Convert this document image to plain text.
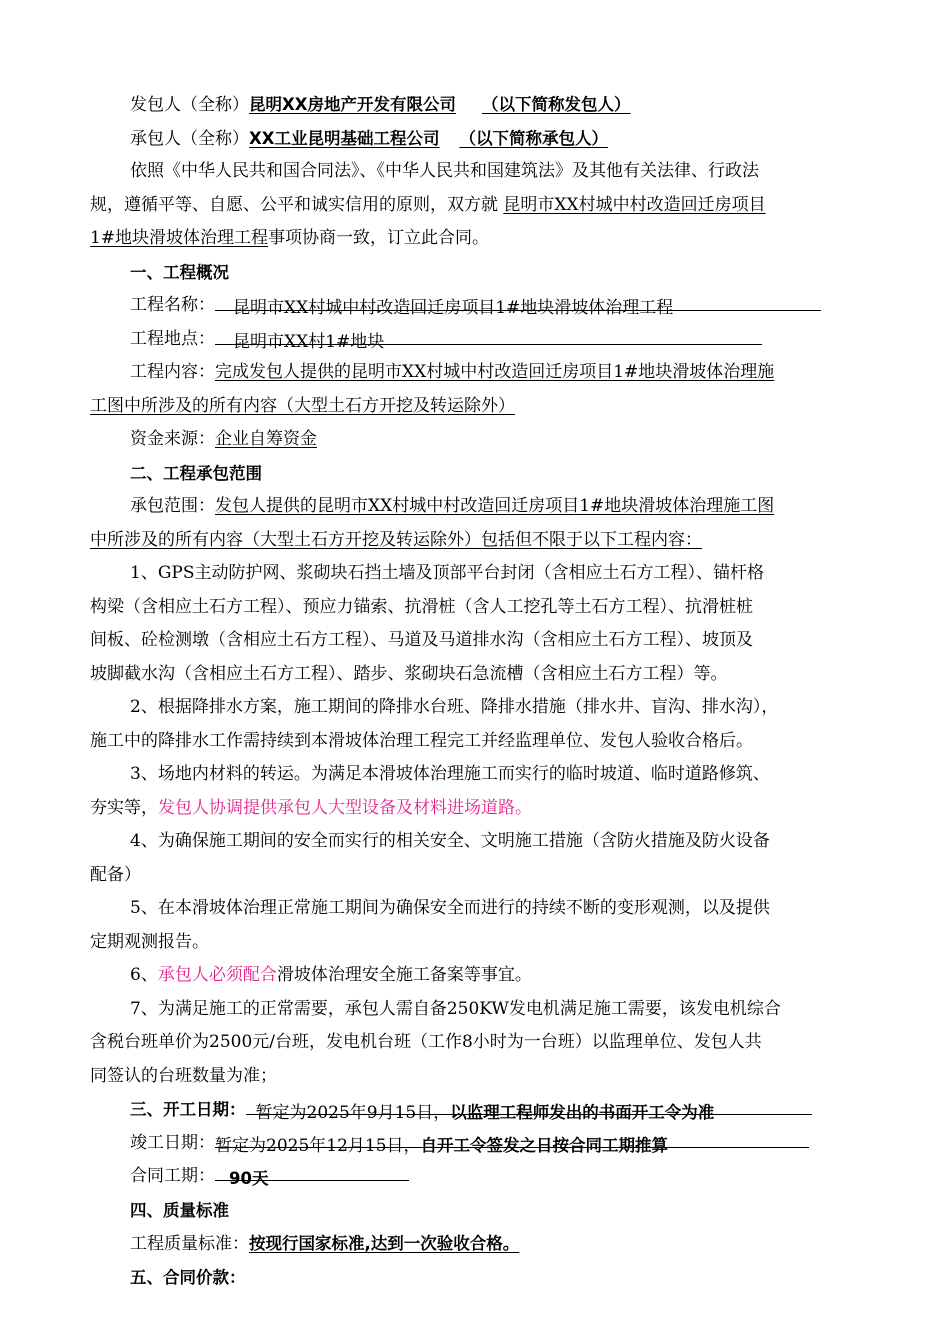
发包人（全称）昆明XX房地产开发有限公司 （以下简称发包人）
承包人（全称）XX工业昆明基础工程公司 （以下简称承包人）
依照《中华人民共和国合同法》、《中华人民共和国建筑法》及其他有关法律、行政法
规，遵循平等、自愿、公平和诚实信用的原则，双方就 昆明市XX村城中村改造回迁房项目
1#地块滑坡体治理工程事项协商一致，订立此合同。
一、工程概况
工程名称： 昆明市XX村城中村改造回迁房项目1#地块滑坡体治理工程
工程地点： 昆明市XX村1#地块
工程内容：完成发包人提供的昆明市XX村城中村改造回迁房项目1#地块滑坡体治理施
工图中所涉及的所有内容（大型土石方开挖及转运除外）
资金来源：企业自筹资金
二、工程承包范围
承包范围：发包人提供的昆明市XX村城中村改造回迁房项目1#地块滑坡体治理施工图
中所涉及的所有内容（大型土石方开挖及转运除外）包括但不限于以下工程内容：
1、GPS主动防护网、浆砌块石挡土墙及顶部平台封闭（含相应土石方工程）、锚杆格
构梁（含相应土石方工程）、预应力锚索、抗滑桩（含人工挖孔等土石方工程）、抗滑桩桩
间板、砼检测墩（含相应土石方工程）、马道及马道排水沟（含相应土石方工程）、坡顶及
坡脚截水沟（含相应土石方工程）、踏步、浆砌块石急流槽（含相应土石方工程）等。
2、根据降排水方案，施工期间的降排水台班、降排水措施（排水井、盲沟、排水沟），
施工中的降排水工作需持续到本滑坡体治理工程完工并经监理单位、发包人验收合格后。
3、场地内材料的转运。为满足本滑坡体治理施工而实行的临时坡道、临时道路修筑、
夯实等，发包人协调提供承包人大型设备及材料进场道路。
4、为确保施工期间的安全而实行的相关安全、文明施工措施（含防火措施及防火设备
配备）
5、在本滑坡体治理正常施工期间为确保安全而进行的持续不断的变形观测，以及提供
定期观测报告。
6、承包人必须配合滑坡体治理安全施工备案等事宜。
7、为满足施工的正常需要，承包人需自备250KW发电机满足施工需要，该发电机综合
含税台班单价为2500元/台班，发电机台班（工作8小时为一台班）以监理单位、发包人共
同签认的台班数量为准；
三、开工日期： 暂定为2025年9月15日，以监理工程师发出的书面开工令为准
竣工日期：暂定为2025年12月15日，自开工令签发之日按合同工期推算
合同工期： 90天
四、质量标准
工程质量标准：按现行国家标准,达到一次验收合格。
五、合同价款：
